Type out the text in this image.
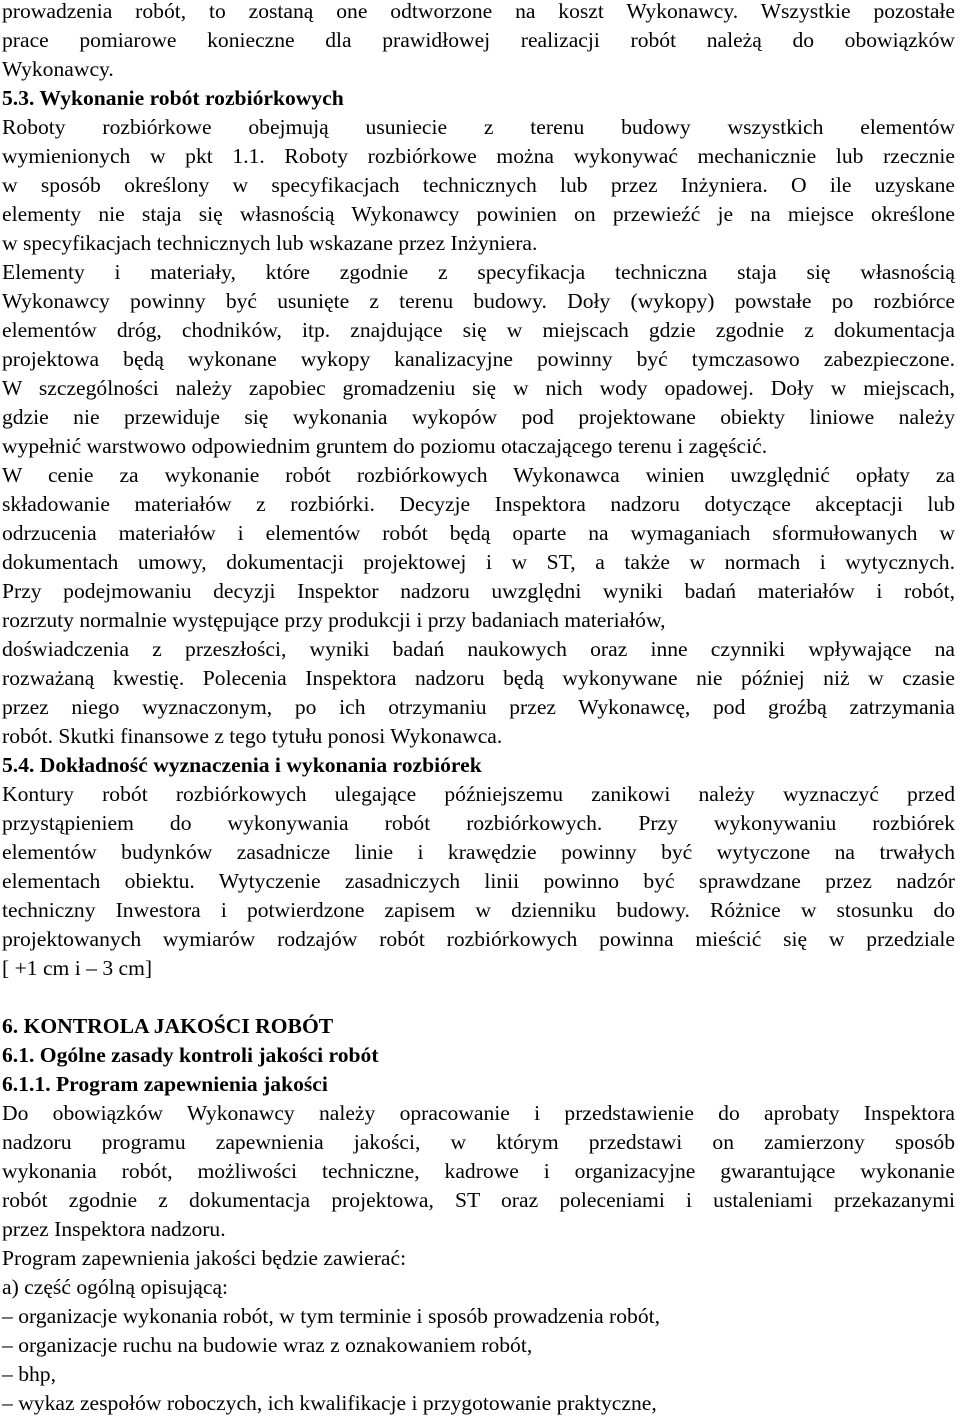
prowadzenia robót, to zostaną one odtworzone na koszt Wykonawcy. Wszystkie pozostałe
prace pomiarowe konieczne dla prawidłowej realizacji robót należą do obowiązków
Wykonawcy.
5.3. Wykonanie robót rozbiórkowych
Roboty rozbiórkowe obejmują usuniecie z terenu budowy wszystkich elementów
wymienionych w pkt 1.1. Roboty rozbiórkowe można wykonywać mechanicznie lub rzecznie
w sposób określony w specyfikacjach technicznych lub przez Inżyniera. O ile uzyskane
elementy nie staja się własnością Wykonawcy powinien on przewieźć je na miejsce określone
w specyfikacjach technicznych lub wskazane przez Inżyniera.
Elementy i materiały, które zgodnie z specyfikacja techniczna staja się własnością
Wykonawcy powinny być usunięte z terenu budowy. Doły (wykopy) powstałe po rozbiórce
elementów dróg, chodników, itp. znajdujące się w miejscach gdzie zgodnie z dokumentacja
projektowa będą wykonane wykopy kanalizacyjne powinny być tymczasowo zabezpieczone.
W szczególności należy zapobiec gromadzeniu się w nich wody opadowej. Doły w miejscach,
gdzie nie przewiduje się wykonania wykopów pod projektowane obiekty liniowe należy
wypełnić warstwowo odpowiednim gruntem do poziomu otaczającego terenu i zagęścić.
W cenie za wykonanie robót rozbiórkowych Wykonawca winien uwzględnić opłaty za
składowanie materiałów z rozbiórki. Decyzje Inspektora nadzoru dotyczące akceptacji lub
odrzucenia materiałów i elementów robót będą oparte na wymaganiach sformułowanych w
dokumentach umowy, dokumentacji projektowej i w ST, a także w normach i wytycznych.
Przy podejmowaniu decyzji Inspektor nadzoru uwzględni wyniki badań materiałów i robót,
rozrzuty normalnie występujące przy produkcji i przy badaniach materiałów,
doświadczenia z przeszłości, wyniki badań naukowych oraz inne czynniki wpływające na
rozważaną kwestię. Polecenia Inspektora nadzoru będą wykonywane nie później niż w czasie
przez niego wyznaczonym, po ich otrzymaniu przez Wykonawcę, pod groźbą zatrzymania
robót. Skutki finansowe z tego tytułu ponosi Wykonawca.
5.4. Dokładność wyznaczenia i wykonania rozbiórek
Kontury robót rozbiórkowych ulegające późniejszemu zanikowi należy wyznaczyć przed
przystąpieniem do wykonywania robót rozbiórkowych. Przy wykonywaniu rozbiórek
elementów budynków zasadnicze linie i krawędzie powinny być wytyczone na trwałych
elementach obiektu. Wytyczenie zasadniczych linii powinno być sprawdzane przez nadzór
techniczny Inwestora i potwierdzone zapisem w dzienniku budowy. Różnice w stosunku do
projektowanych wymiarów rodzajów robót rozbiórkowych powinna mieścić się w przedziale
[ +1 cm i – 3 cm]
6. KONTROLA JAKOŚCI ROBÓT
6.1. Ogólne zasady kontroli jakości robót
6.1.1. Program zapewnienia jakości
Do obowiązków Wykonawcy należy opracowanie i przedstawienie do aprobaty Inspektora
nadzoru programu zapewnienia jakości, w którym przedstawi on zamierzony sposób
wykonania robót, możliwości techniczne, kadrowe i organizacyjne gwarantujące wykonanie
robót zgodnie z dokumentacja projektowa, ST oraz poleceniami i ustaleniami przekazanymi
przez Inspektora nadzoru.
Program zapewnienia jakości będzie zawierać:
a) część ogólną opisującą:
– organizacje wykonania robót, w tym terminie i sposób prowadzenia robót,
– organizacje ruchu na budowie wraz z oznakowaniem robót,
– bhp,
– wykaz zespołów roboczych, ich kwalifikacje i przygotowanie praktyczne,
